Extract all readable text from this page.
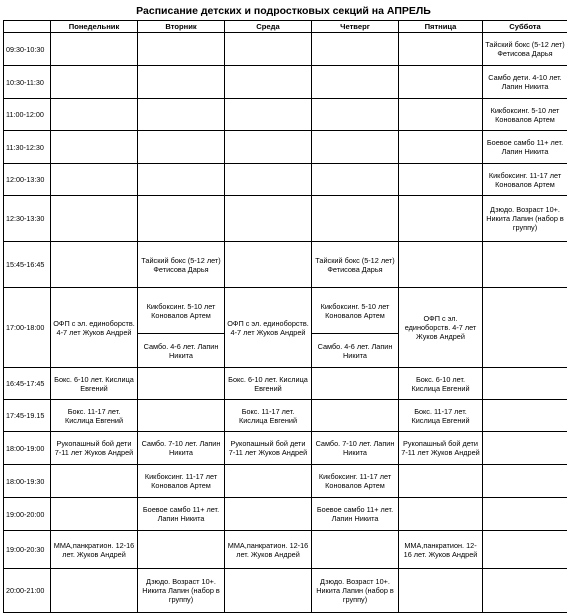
Расписание детских и подростковых секций на АПРЕЛЬ
	Понедельник	Вторник	Среда	Четверг	Пятница	Суббота
09:30-10:30						Тайский бокс (5-12 лет) Фетисова Дарья
10:30-11:30						Самбо дети. 4-10 лет. Лапин Никита
11:00-12:00						Кикбоксинг. 5-10 лет Коновалов Артем
11:30-12:30						Боевое самбо 11+ лет. Лапин Никита
12:00-13:30						Кикбоксинг. 11-17 лет Коновалов Артем
12:30-13:30						Дзюдо. Возраст 10+. Никита Лапин (набор в группу)
15:45-16:45		Тайский бокс (5-12 лет) Фетисова Дарья		Тайский бокс (5-12 лет) Фетисова Дарья		
17:00-18:00	ОФП с эл. единоборств. 4-7 лет Жуков Андрей	Кикбоксинг. 5-10 лет Коновалов Артем	ОФП с эл. единоборств. 4-7 лет Жуков Андрей	Кикбоксинг. 5-10 лет Коновалов Артем	ОФП с эл. единоборств. 4-7 лет Жуков Андрей	
		Самбо. 4-6 лет. Лапин Никита		Самбо. 4-6 лет. Лапин Никита		
16:45-17:45	Бокс. 6-10 лет. Кислица Евгений		Бокс. 6-10 лет. Кислица Евгений		Бокс. 6-10 лет. Кислица Евгений	
17:45-19.15	Бокс. 11-17 лет. Кислица Евгений		Бокс. 11-17 лет. Кислица Евгений		Бокс. 11-17 лет. Кислица Евгений	
18:00-19:00	Рукопашный бой дети 7-11 лет Жуков Андрей	Самбо. 7-10 лет. Лапин Никита	Рукопашный бой дети 7-11 лет Жуков Андрей	Самбо. 7-10 лет. Лапин Никита	Рукопашный бой дети 7-11 лет Жуков Андрей	
18:00-19:30		Кикбоксинг. 11-17 лет Коновалов Артем		Кикбоксинг. 11-17 лет Коновалов Артем		
19:00-20:00		Боевое самбо 11+ лет. Лапин Никита		Боевое самбо 11+ лет. Лапин Никита		
19:00-20:30	ММА,панкратион. 12-16 лет. Жуков Андрей		ММА,панкратион. 12-16 лет. Жуков Андрей		ММА,панкратион. 12-16 лет. Жуков Андрей	
20:00-21:00		Дзюдо. Возраст 10+. Никита Лапин (набор в группу)		Дзюдо. Возраст 10+. Никита Лапин (набор в группу)		
